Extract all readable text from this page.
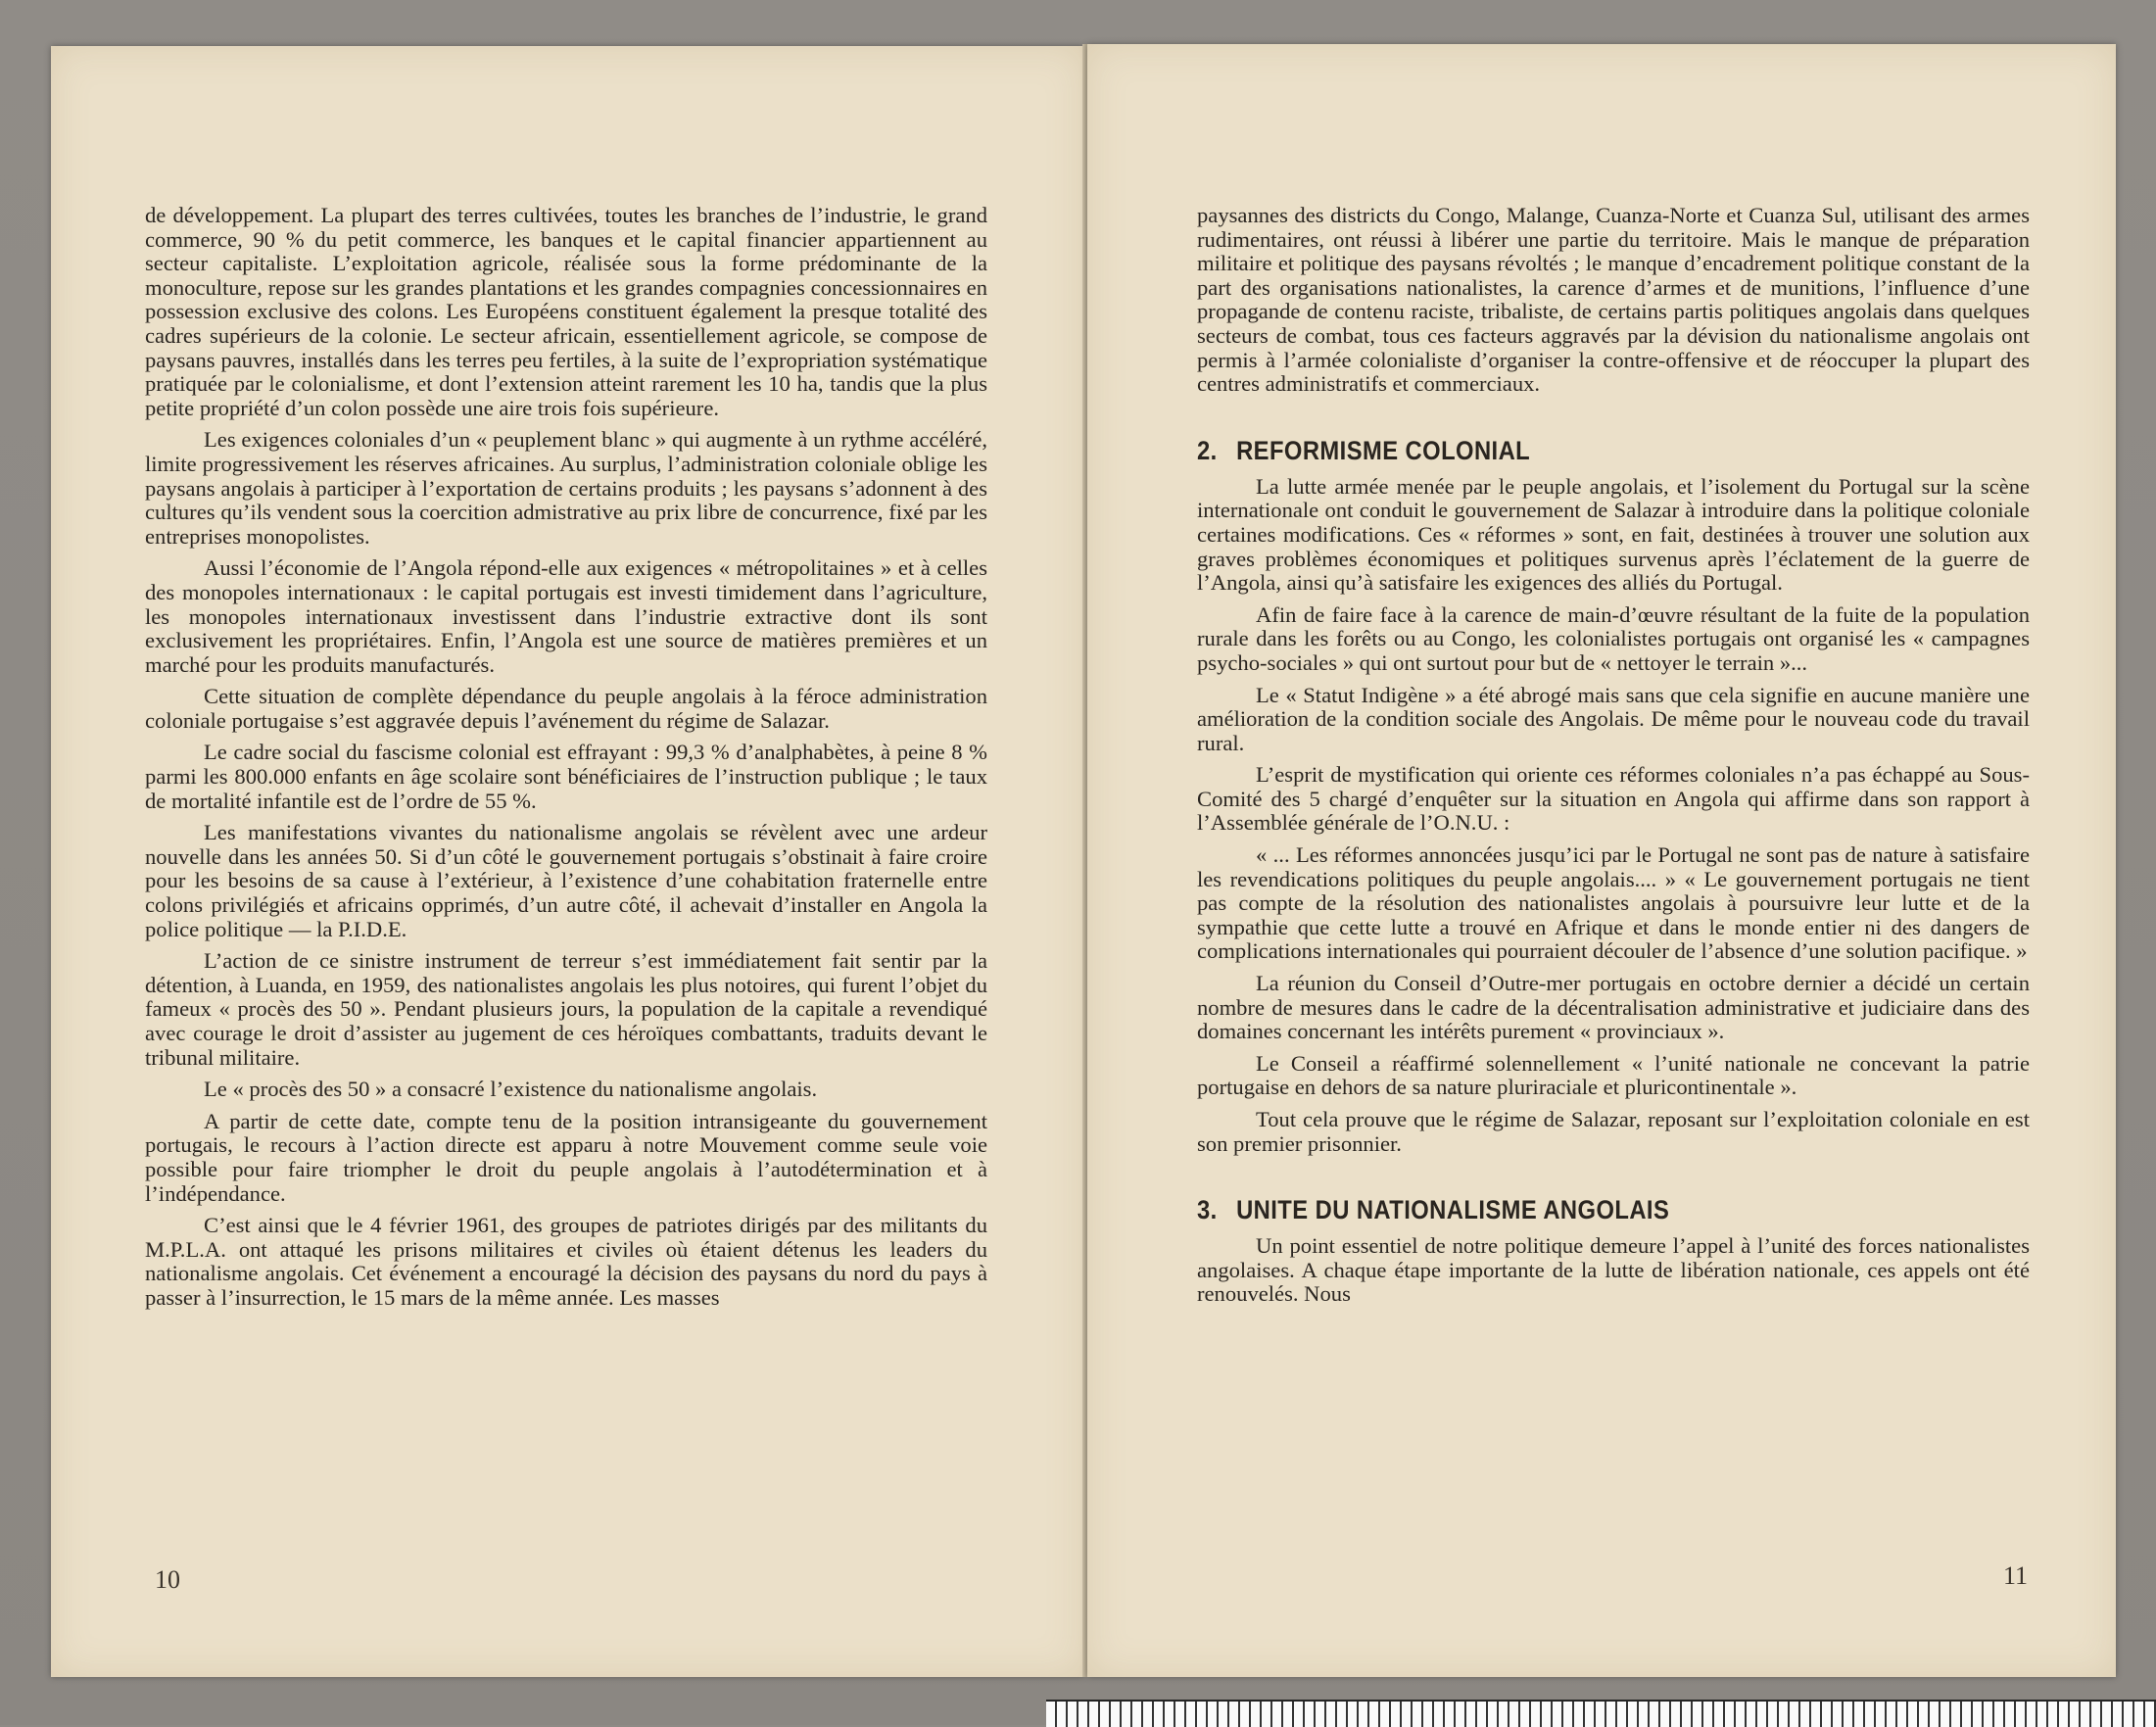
de développement. La plupart des terres cultivées, toutes les branches de l’industrie, le grand commerce, 90 % du petit commerce, les banques et le capital financier appartiennent au secteur capitaliste. L’exploitation agricole, réalisée sous la forme prédominante de la monoculture, repose sur les grandes plantations et les grandes compagnies concessionnaires en possession exclusive des colons. Les Européens constituent également la presque totalité des cadres supérieurs de la colonie. Le secteur africain, essentiellement agricole, se compose de paysans pauvres, installés dans les terres peu fertiles, à la suite de l’expropriation systématique pratiquée par le colonialisme, et dont l’extension atteint rarement les 10 ha, tandis que la plus petite propriété d’un colon possède une aire trois fois supérieure.

Les exigences coloniales d’un « peuplement blanc » qui augmente à un rythme accéléré, limite progressivement les réserves africaines. Au surplus, l’administration coloniale oblige les paysans angolais à participer à l’exportation de certains produits ; les paysans s’adonnent à des cultures qu’ils vendent sous la coercition admistrative au prix libre de concurrence, fixé par les entreprises monopolistes.

Aussi l’économie de l’Angola répond-elle aux exigences « métropolitaines » et à celles des monopoles internationaux : le capital portugais est investi timidement dans l’agriculture, les monopoles internationaux investissent dans l’industrie extractive dont ils sont exclusivement les propriétaires. Enfin, l’Angola est une source de matières premières et un marché pour les produits manufacturés.

Cette situation de complète dépendance du peuple angolais à la féroce administration coloniale portugaise s’est aggravée depuis l’avénement du régime de Salazar.

Le cadre social du fascisme colonial est effrayant : 99,3 % d’analphabètes, à peine 8 % parmi les 800.000 enfants en âge scolaire sont bénéficiaires de l’instruction publique ; le taux de mortalité infantile est de l’ordre de 55 %.

Les manifestations vivantes du nationalisme angolais se révèlent avec une ardeur nouvelle dans les années 50. Si d’un côté le gouvernement portugais s’obstinait à faire croire pour les besoins de sa cause à l’extérieur, à l’existence d’une cohabitation fraternelle entre colons privilégiés et africains opprimés, d’un autre côté, il achevait d’installer en Angola la police politique — la P.I.D.E.

L’action de ce sinistre instrument de terreur s’est immédiatement fait sentir par la détention, à Luanda, en 1959, des nationalistes angolais les plus notoires, qui furent l’objet du fameux « procès des 50 ». Pendant plusieurs jours, la population de la capitale a revendiqué avec courage le droit d’assister au jugement de ces héroïques combattants, traduits devant le tribunal militaire.

Le « procès des 50 » a consacré l’existence du nationalisme angolais.

A partir de cette date, compte tenu de la position intransigeante du gouvernement portugais, le recours à l’action directe est apparu à notre Mouvement comme seule voie possible pour faire triompher le droit du peuple angolais à l’autodétermination et à l’indépendance.

C’est ainsi que le 4 février 1961, des groupes de patriotes dirigés par des militants du M.P.L.A. ont attaqué les prisons militaires et civiles où étaient détenus les leaders du nationalisme angolais. Cet événement a encouragé la décision des paysans du nord du pays à passer à l’insurrection, le 15 mars de la même année. Les masses

10

paysannes des districts du Congo, Malange, Cuanza-Norte et Cuanza Sul, utilisant des armes rudimentaires, ont réussi à libérer une partie du territoire. Mais le manque de préparation militaire et politique des paysans révoltés ; le manque d’encadrement politique constant de la part des organisations nationalistes, la carence d’armes et de munitions, l’influence d’une propagande de contenu raciste, tribaliste, de certains partis politiques angolais dans quelques secteurs de combat, tous ces facteurs aggravés par la dévision du nationalisme angolais ont permis à l’armée colonialiste d’organiser la contre-offensive et de réoccuper la plupart des centres administratifs et commerciaux.

2. REFORMISME COLONIAL

La lutte armée menée par le peuple angolais, et l’isolement du Portugal sur la scène internationale ont conduit le gouvernement de Salazar à introduire dans la politique coloniale certaines modifications. Ces « réformes » sont, en fait, destinées à trouver une solution aux graves problèmes économiques et politiques survenus après l’éclatement de la guerre de l’Angola, ainsi qu’à satisfaire les exigences des alliés du Portugal.

Afin de faire face à la carence de main-d’œuvre résultant de la fuite de la population rurale dans les forêts ou au Congo, les colonialistes portugais ont organisé les « campagnes psycho-sociales » qui ont surtout pour but de « nettoyer le terrain »...

Le « Statut Indigène » a été abrogé mais sans que cela signifie en aucune manière une amélioration de la condition sociale des Angolais. De même pour le nouveau code du travail rural.

L’esprit de mystification qui oriente ces réformes coloniales n’a pas échappé au Sous-Comité des 5 chargé d’enquêter sur la situation en Angola qui affirme dans son rapport à l’Assemblée générale de l’O.N.U. :

« ... Les réformes annoncées jusqu’ici par le Portugal ne sont pas de nature à satisfaire les revendications politiques du peuple angolais.... » « Le gouvernement portugais ne tient pas compte de la résolution des nationalistes angolais à poursuivre leur lutte et de la sympathie que cette lutte a trouvé en Afrique et dans le monde entier ni des dangers de complications internationales qui pourraient découler de l’absence d’une solution pacifique. »

La réunion du Conseil d’Outre-mer portugais en octobre dernier a décidé un certain nombre de mesures dans le cadre de la décentralisation administrative et judiciaire dans des domaines concernant les intérêts purement « provinciaux ».

Le Conseil a réaffirmé solennellement « l’unité nationale ne concevant la patrie portugaise en dehors de sa nature pluriraciale et pluricontinentale ».

Tout cela prouve que le régime de Salazar, reposant sur l’exploitation coloniale en est son premier prisonnier.

3. UNITE DU NATIONALISME ANGOLAIS

Un point essentiel de notre politique demeure l’appel à l’unité des forces nationalistes angolaises. A chaque étape importante de la lutte de libération nationale, ces appels ont été renouvelés. Nous

11
